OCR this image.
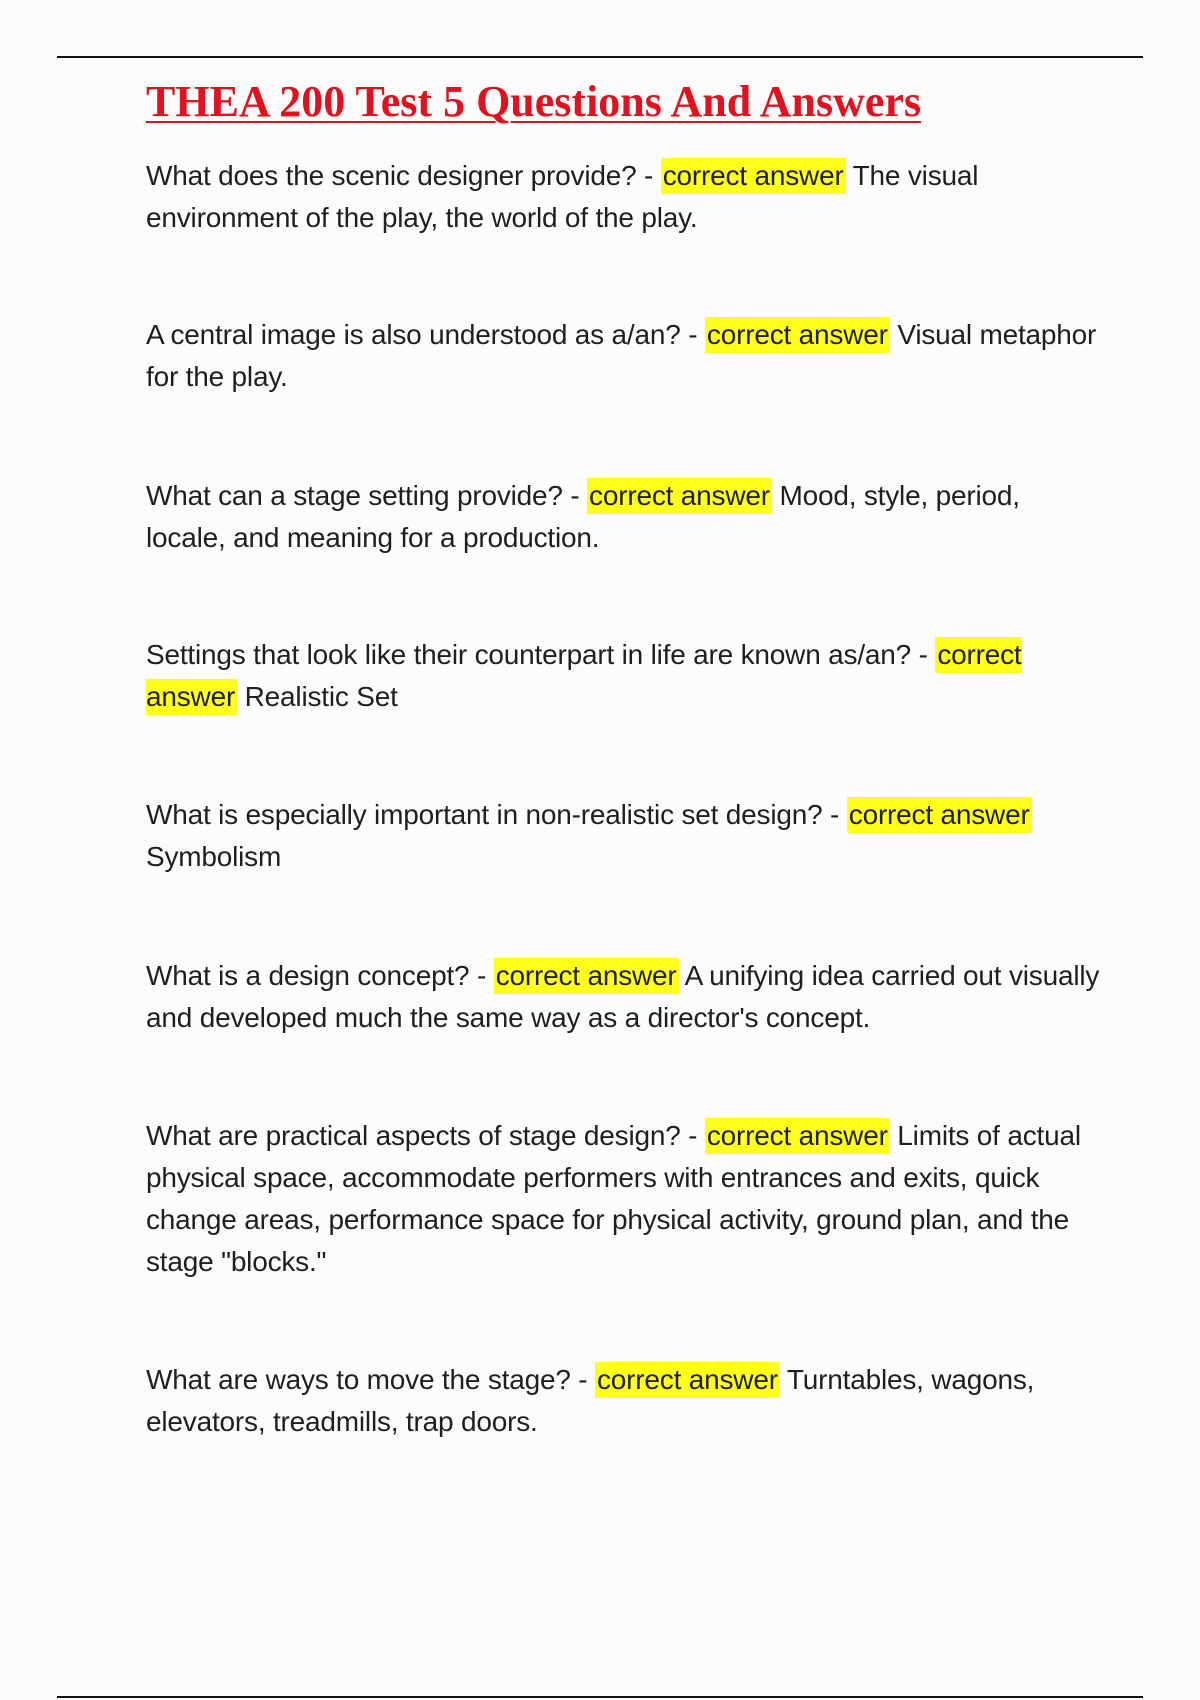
THEA 200 Test 5 Questions And Answers

What does the scenic designer provide? - correct answer The visual environment of the play, the world of the play.

A central image is also understood as a/an? - correct answer Visual metaphor for the play.

What can a stage setting provide? - correct answer Mood, style, period, locale, and meaning for a production.

Settings that look like their counterpart in life are known as/an? - correct answer Realistic Set

What is especially important in non-realistic set design? - correct answer Symbolism

What is a design concept? - correct answer A unifying idea carried out visually and developed much the same way as a director's concept.

What are practical aspects of stage design? - correct answer Limits of actual physical space, accommodate performers with entrances and exits, quick change areas, performance space for physical activity, ground plan, and the stage "blocks."

What are ways to move the stage? - correct answer Turntables, wagons, elevators, treadmills, trap doors.
